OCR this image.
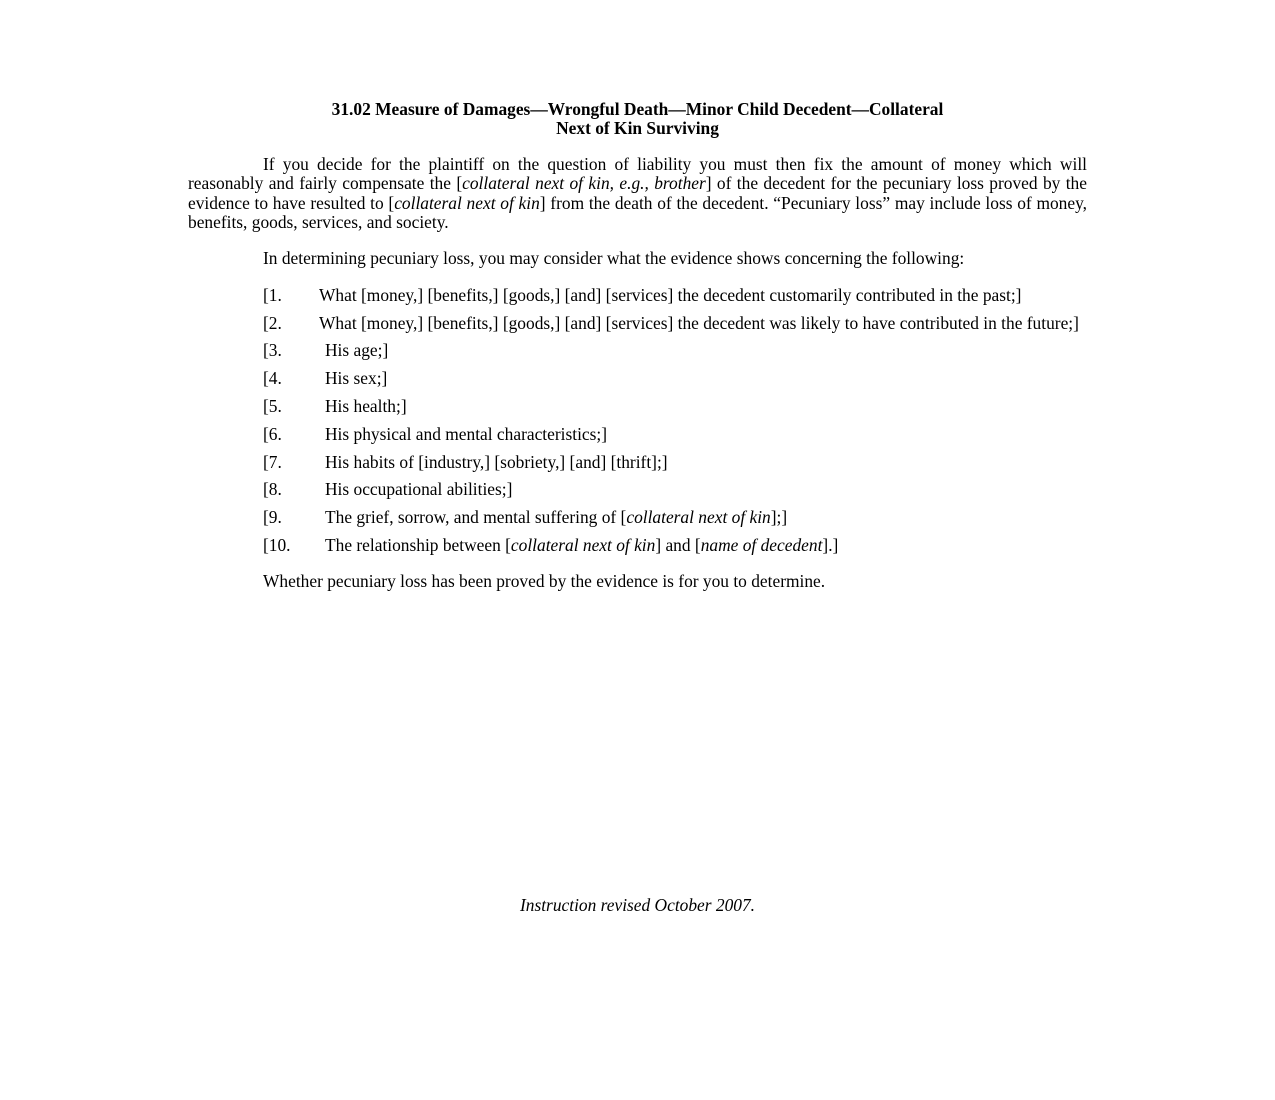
31.02 Measure of Damages—Wrongful Death—Minor Child Decedent—Collateral
Next of Kin Surviving

If you decide for the plaintiff on the question of liability you must then fix the amount of money which will reasonably and fairly compensate the [collateral next of kin, e.g., brother] of the decedent for the pecuniary loss proved by the evidence to have resulted to [collateral next of kin] from the death of the decedent. “Pecuniary loss” may include loss of money, benefits, goods, services, and society.

In determining pecuniary loss, you may consider what the evidence shows concerning the following:

[1.	What [money,] [benefits,] [goods,] [and] [services] the decedent customarily contributed in the past;]
[2.	What [money,] [benefits,] [goods,] [and] [services] the decedent was likely to have contributed in the future;]
[3.	His age;]
[4.	His sex;]
[5.	His health;]
[6.	His physical and mental characteristics;]
[7.	His habits of [industry,] [sobriety,] [and] [thrift];]
[8.	His occupational abilities;]
[9.	The grief, sorrow, and mental suffering of [collateral next of kin];]
[10.	The relationship between [collateral next of kin] and [name of decedent].]

Whether pecuniary loss has been proved by the evidence is for you to determine.

Instruction revised October 2007.
